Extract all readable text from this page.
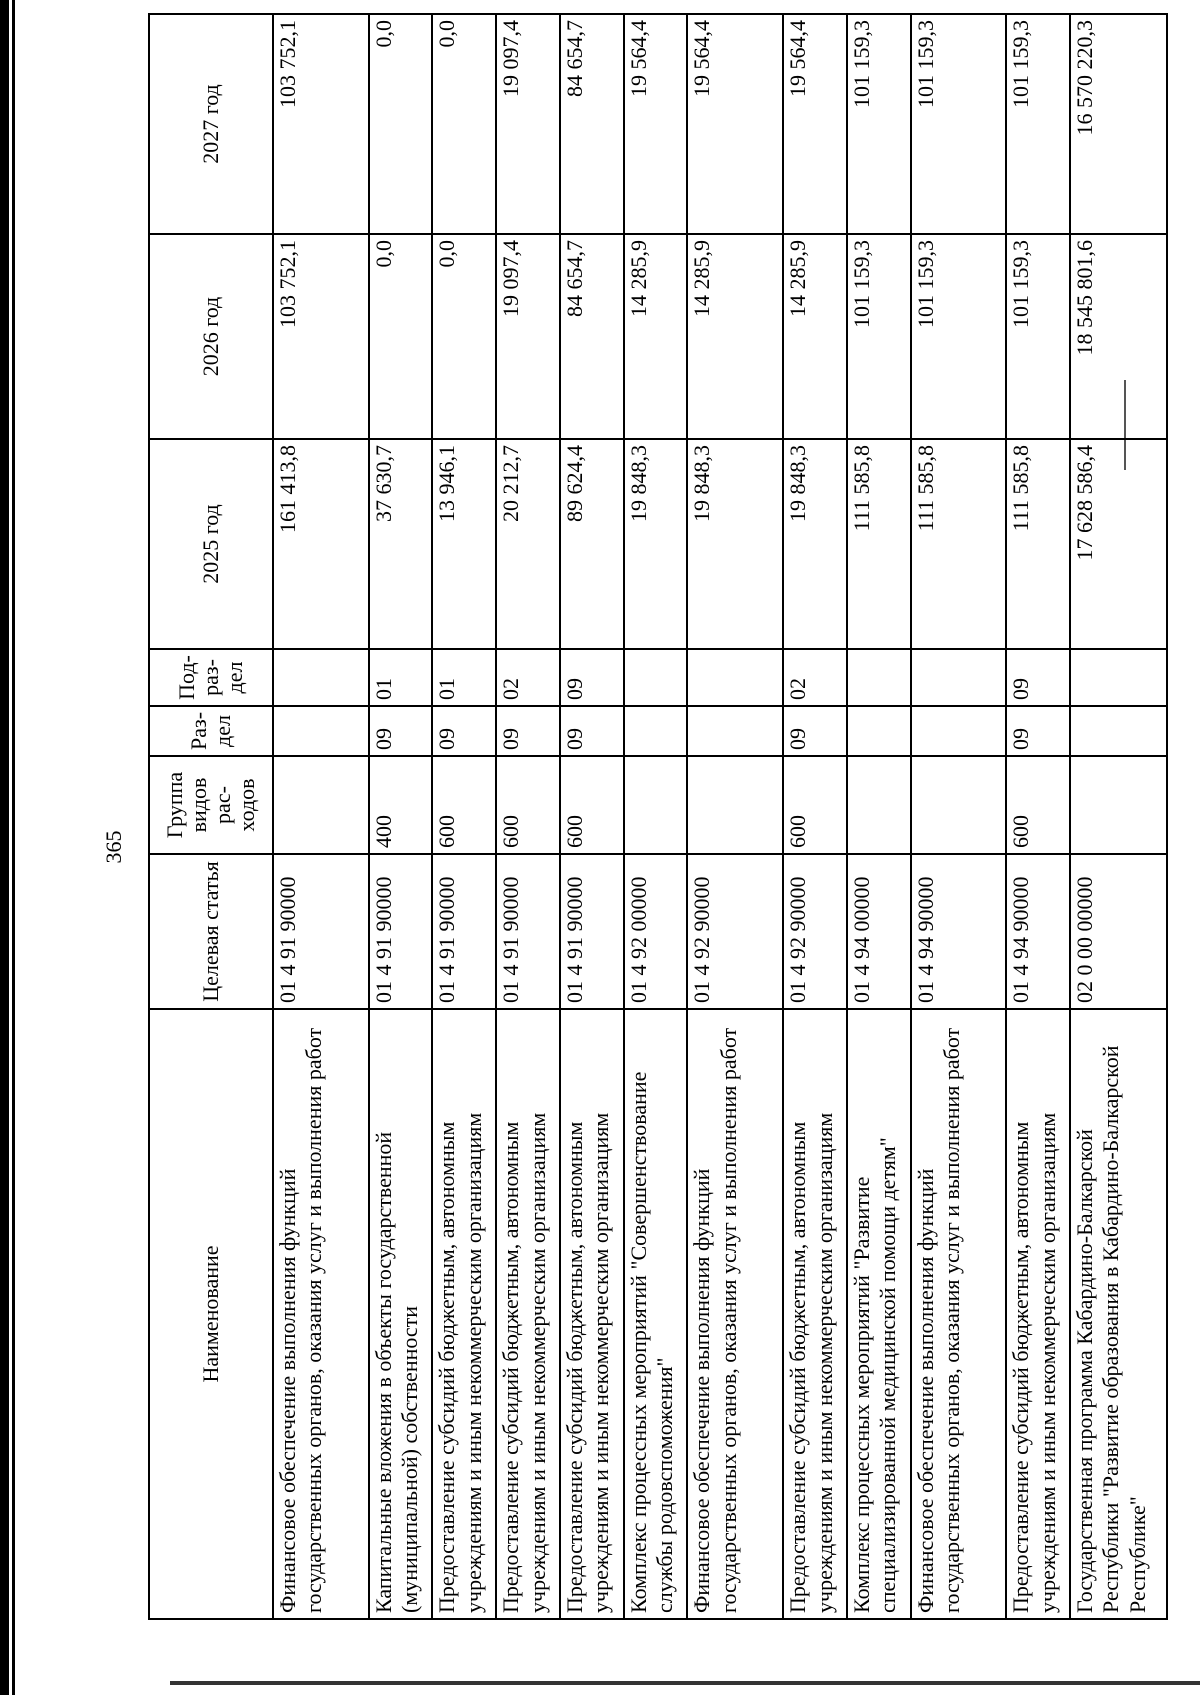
365
Наименование	Целевая статья	Группа видов рас-ходов	Раз-дел	Под-раз-дел	2025 год	2026 год	2027 год
Финансовое обеспечение выполнения функций государственных органов, оказания услуг и выполнения работ	01 4 91 90000				161 413,8	103 752,1	103 752,1
Капитальные вложения в объекты государственной (муниципальной) собственности	01 4 91 90000	400	09	01	37 630,7	0,0	0,0
Предоставление субсидий бюджетным, автономным учреждениям и иным некоммерческим организациям	01 4 91 90000	600	09	01	13 946,1	0,0	0,0
Предоставление субсидий бюджетным, автономным учреждениям и иным некоммерческим организациям	01 4 91 90000	600	09	02	20 212,7	19 097,4	19 097,4
Предоставление субсидий бюджетным, автономным учреждениям и иным некоммерческим организациям	01 4 91 90000	600	09	09	89 624,4	84 654,7	84 654,7
Комплекс процессных мероприятий "Совершенствование службы родовспоможения"	01 4 92 00000				19 848,3	14 285,9	19 564,4
Финансовое обеспечение выполнения функций государственных органов, оказания услуг и выполнения работ	01 4 92 90000				19 848,3	14 285,9	19 564,4
Предоставление субсидий бюджетным, автономным учреждениям и иным некоммерческим организациям	01 4 92 90000	600	09	02	19 848,3	14 285,9	19 564,4
Комплекс процессных мероприятий "Развитие специализированной медицинской помощи детям"	01 4 94 00000				111 585,8	101 159,3	101 159,3
Финансовое обеспечение выполнения функций государственных органов, оказания услуг и выполнения работ	01 4 94 90000				111 585,8	101 159,3	101 159,3
Предоставление субсидий бюджетным, автономным учреждениям и иным некоммерческим организациям	01 4 94 90000	600	09	09	111 585,8	101 159,3	101 159,3
Государственная программа Кабардино-Балкарской Республики "Развитие образования в Кабардино-Балкарской Республике"	02 0 00 00000				17 628 586,4	18 545 801,6	16 570 220,3
